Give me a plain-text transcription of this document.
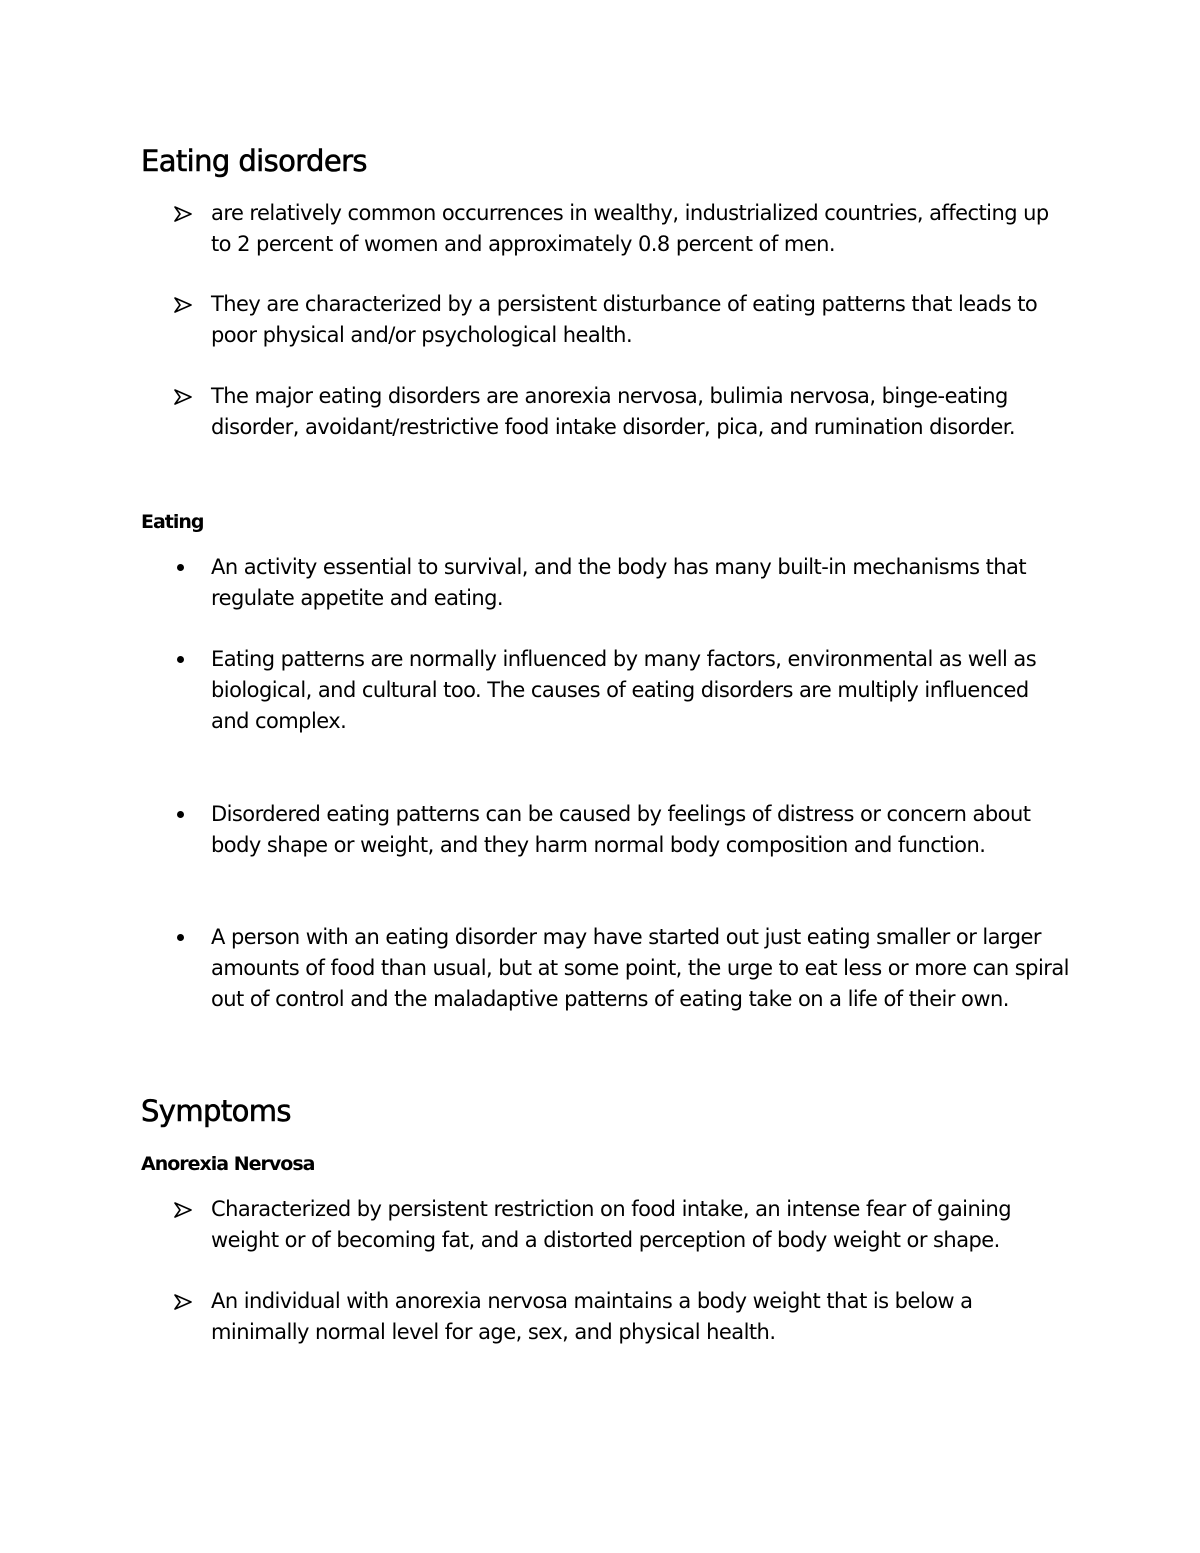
Eating disorders

are relatively common occurrences in wealthy, industrialized countries, affecting up to 2 percent of women and approximately 0.8 percent of men.

They are characterized by a persistent disturbance of eating patterns that leads to poor physical and/or psychological health.

The major eating disorders are anorexia nervosa, bulimia nervosa, binge-eating disorder, avoidant/restrictive food intake disorder, pica, and rumination disorder.

Eating

An activity essential to survival, and the body has many built-in mechanisms that regulate appetite and eating.

Eating patterns are normally influenced by many factors, environmental as well as biological, and cultural too. The causes of eating disorders are multiply influenced and complex.

Disordered eating patterns can be caused by feelings of distress or concern about body shape or weight, and they harm normal body composition and function.

A person with an eating disorder may have started out just eating smaller or larger amounts of food than usual, but at some point, the urge to eat less or more can spiral out of control and the maladaptive patterns of eating take on a life of their own.

Symptoms
Anorexia Nervosa

Characterized by persistent restriction on food intake, an intense fear of gaining weight or of becoming fat, and a distorted perception of body weight or shape.

An individual with anorexia nervosa maintains a body weight that is below a minimally normal level for age, sex, and physical health.
